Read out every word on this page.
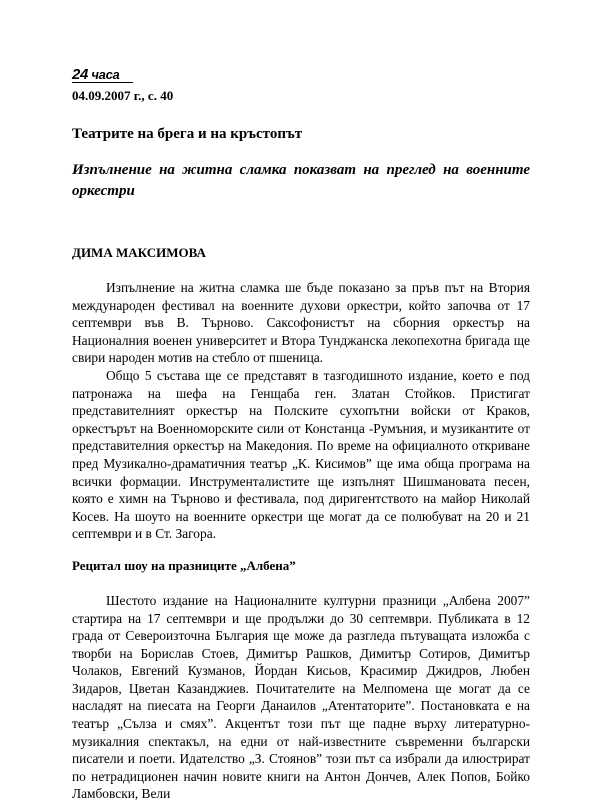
24 часа
04.09.2007 г., с. 40
Театрите на брега и на кръстопът
Изпълнение на житна сламка показват на преглед на военните оркестри
ДИМА МАКСИМОВА

Изпълнение на житна сламка ше бъде показано за пръв път на Втория международен фестивал на военните духови оркестри, който започва от 17 септември във В. Търново. Саксофонистът на сборния оркестър на Националния военен университет и Втора Тунджанска лекопехотна бригада ще свири народен мотив на стебло от пшеница.

Общо 5 състава ще се представят в тазгодишното издание, което е под патронажа на шефа на Генщаба ген. Златан Стойков. Пристигат представителният оркестър на Полските сухопътни войски от Краков, оркестърът на Военноморските сили от Констанца -Румъния, и музикантите от представителния оркестър на Македония. По време на официалното откриване пред Музикално-драматичния театър „К. Кисимов” ще има обща програма на всички формации. Инструменталистите ще изпълнят Шишмановата песен, която е химн на Търново и фестивала, под диригентството на майор Николай Косев. На шоуто на военните оркестри ще могат да се полюбуват на 20 и 21 септември и в Ст. Загора.

Рецитал шоу на празниците „Албена”

Шестото издание на Националните културни празници „Албена 2007” стартира на 17 септември и ще продължи до 30 септември. Публиката в 12 града от Североизточна България ще може да разгледа пътуващата изложба с творби на Борислав Стоев, Димитър Рашков, Димитър Сотиров, Димитър Чолаков, Евгений Кузманов, Йордан Кисьов, Красимир Джидров, Любен Зидаров, Цветан Казанджиев. Почитателите на Мелпомена ще могат да се насладят на пиесата на Георги Данаилов „Атентаторите”. Постановката е на театър „Сълза и смях”. Акцентът този път ще падне върху литературно-музикалния спектакъл, на едни от най-известните съвременни български писатели и поети. Идателство „З. Стоянов” този път са избрали да илюстрират по нетрадиционен начин новите книги на Антон Дончев, Алек Попов, Бойко Ламбовски, Вели
